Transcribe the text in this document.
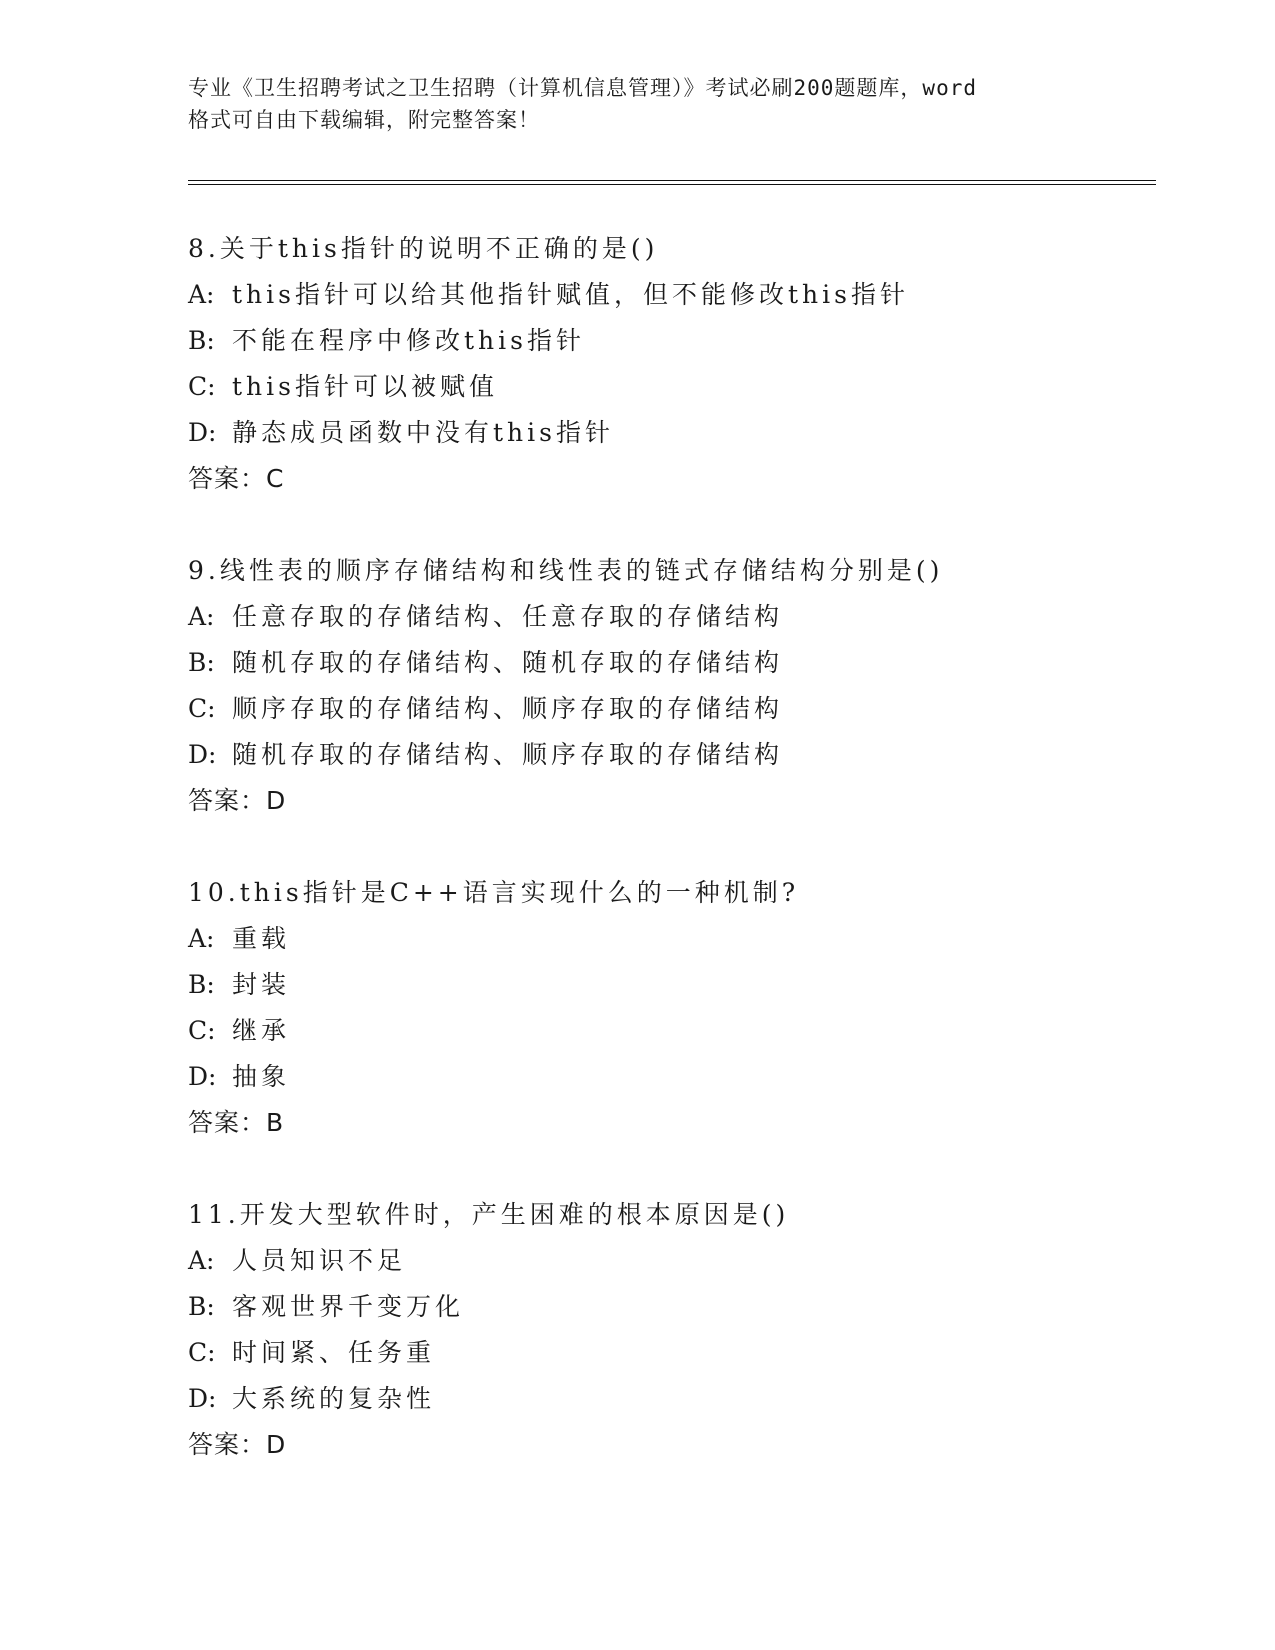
专业《卫生招聘考试之卫生招聘（计算机信息管理）》考试必刷200题题库，word
格式可自由下载编辑，附完整答案！
8.关于this指针的说明不正确的是()
A: this指针可以给其他指针赋值，但不能修改this指针
B: 不能在程序中修改this指针
C: this指针可以被赋值
D: 静态成员函数中没有this指针
答案：C
9.线性表的顺序存储结构和线性表的链式存储结构分别是()
A: 任意存取的存储结构、任意存取的存储结构
B: 随机存取的存储结构、随机存取的存储结构
C: 顺序存取的存储结构、顺序存取的存储结构
D: 随机存取的存储结构、顺序存取的存储结构
答案：D
10.this指针是C++语言实现什么的一种机制?
A: 重载
B: 封装
C: 继承
D: 抽象
答案：B
11.开发大型软件时，产生困难的根本原因是()
A: 人员知识不足
B: 客观世界千变万化
C: 时间紧、任务重
D: 大系统的复杂性
答案：D
